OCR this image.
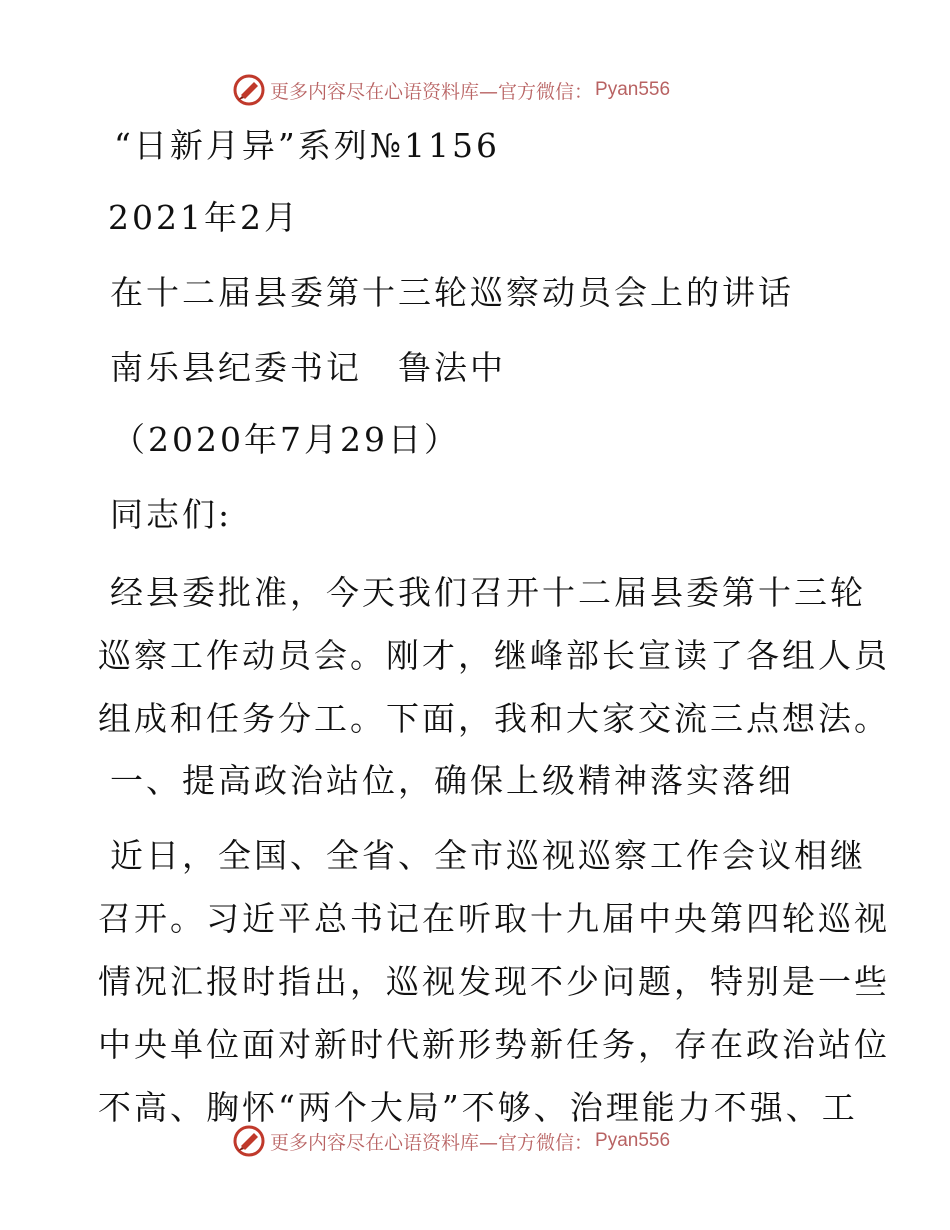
更多内容尽在心语资料库—官方微信： Pyan556
“日新月异”系列№1156
2021年2月
在十二届县委第十三轮巡察动员会上的讲话
南乐县纪委书记　鲁法中
（2020年7月29日）
同志们:
经县委批准，今天我们召开十二届县委第十三轮
巡察工作动员会。刚才，继峰部长宣读了各组人员
组成和任务分工。下面，我和大家交流三点想法。
一、提高政治站位，确保上级精神落实落细
近日，全国、全省、全市巡视巡察工作会议相继
召开。习近平总书记在听取十九届中央第四轮巡视
情况汇报时指出，巡视发现不少问题，特别是一些
中央单位面对新时代新形势新任务，存在政治站位
不高、胸怀“两个大局”不够、治理能力不强、工
更多内容尽在心语资料库—官方微信： Pyan556
